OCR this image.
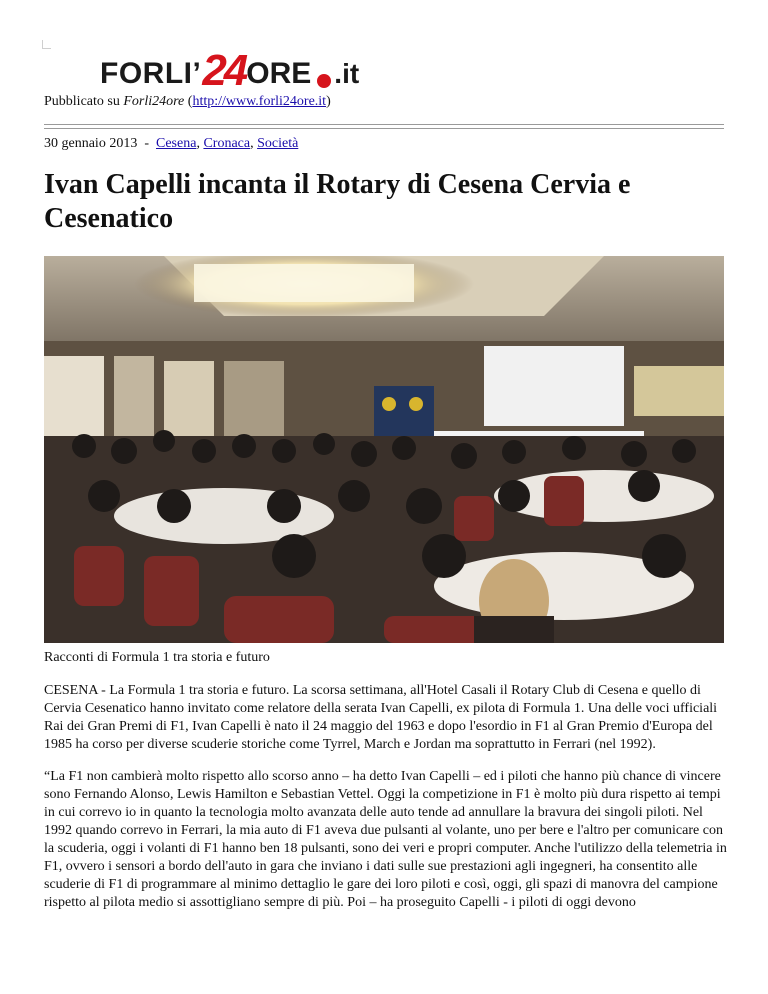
FORLI’ 24 ORE .it
Pubblicato su Forli24ore (http://www.forli24ore.it)
30 gennaio 2013  -  Cesena, Cronaca, Società
Ivan Capelli incanta il Rotary di Cesena Cervia e Cesenatico
Racconti di Formula 1 tra storia e futuro

CESENA - La Formula 1 tra storia e futuro. La scorsa settimana, all'Hotel Casali il Rotary Club di Cesena e quello di Cervia Cesenatico hanno invitato come relatore della serata Ivan Capelli, ex pilota di Formula 1. Una delle voci ufficiali Rai dei Gran Premi di F1, Ivan Capelli è nato il 24 maggio del 1963 e dopo l'esordio in F1 al Gran Premio d'Europa del 1985 ha corso per diverse scuderie storiche come Tyrrel, March e Jordan ma soprattutto in Ferrari (nel 1992).

“La F1 non cambierà molto rispetto allo scorso anno – ha detto Ivan Capelli – ed i piloti che hanno più chance di vincere sono Fernando Alonso, Lewis Hamilton e Sebastian Vettel. Oggi la competizione in F1 è molto più dura rispetto ai tempi in cui correvo io in quanto la tecnologia molto avanzata delle auto tende ad annullare la bravura dei singoli piloti. Nel 1992 quando correvo in Ferrari, la mia auto di F1 aveva due pulsanti al volante, uno per bere e l'altro per comunicare con la scuderia, oggi i volanti di F1 hanno ben 18 pulsanti, sono dei veri e propri computer. Anche l'utilizzo della telemetria in F1, ovvero i sensori a bordo dell'auto in gara che inviano i dati sulle sue prestazioni agli ingegneri, ha consentito alle scuderie di F1 di programmare al minimo dettaglio le gare dei loro piloti e così, oggi, gli spazi di manovra del campione rispetto al pilota medio si assottigliano sempre di più. Poi – ha proseguito Capelli - i piloti di oggi devono
